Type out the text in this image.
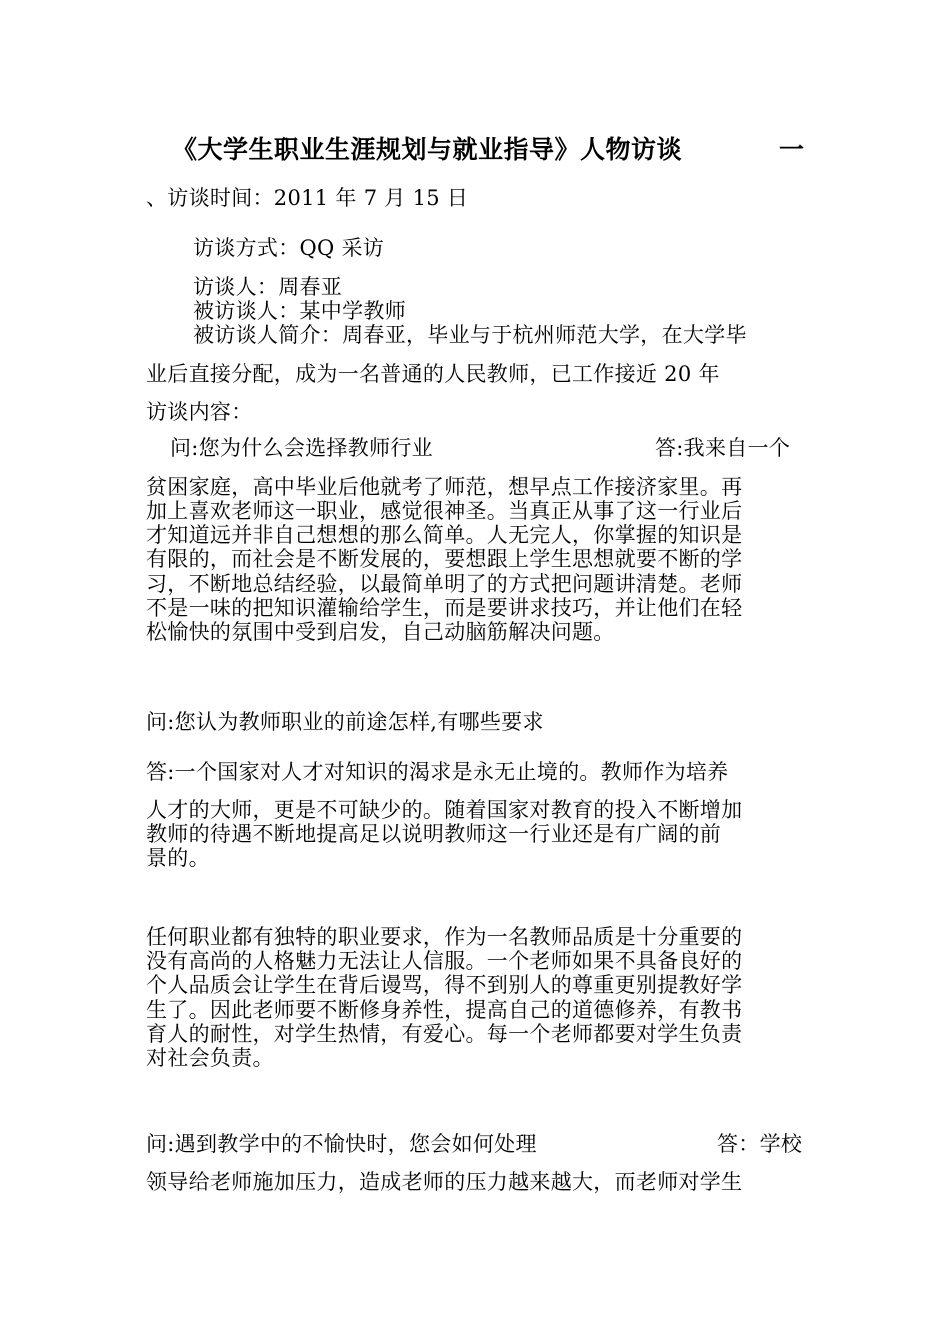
《大学生职业生涯规划与就业指导》人物访谈	一
、访谈时间：2011 年 7 月 15 日
访谈方式：QQ 采访
访谈人：周春亚
被访谈人：某中学教师
被访谈人简介：周春亚，毕业与于杭州师范大学，在大学毕
业后直接分配，成为一名普通的人民教师，已工作接近 20 年
访谈内容：
问:您为什么会选择教师行业	答:我来自一个
贫困家庭，高中毕业后他就考了师范，想早点工作接济家里。再
加上喜欢老师这一职业，感觉很神圣。当真正从事了这一行业后
才知道远并非自己想想的那么简单。人无完人，你掌握的知识是
有限的，而社会是不断发展的，要想跟上学生思想就要不断的学
习，不断地总结经验，以最简单明了的方式把问题讲清楚。老师
不是一味的把知识灌输给学生，而是要讲求技巧，并让他们在轻
松愉快的氛围中受到启发，自己动脑筋解决问题。
问:您认为教师职业的前途怎样,有哪些要求
答:一个国家对人才对知识的渴求是永无止境的。教师作为培养
人才的大师，更是不可缺少的。随着国家对教育的投入不断增加
教师的待遇不断地提高足以说明教师这一行业还是有广阔的前
景的。
任何职业都有独特的职业要求，作为一名教师品质是十分重要的
没有高尚的人格魅力无法让人信服。一个老师如果不具备良好的
个人品质会让学生在背后谩骂，得不到别人的尊重更别提教好学
生了。因此老师要不断修身养性，提高自己的道德修养，有教书
育人的耐性，对学生热情，有爱心。每一个老师都要对学生负责
对社会负责。
问:遇到教学中的不愉快时，您会如何处理	答：学校
领导给老师施加压力，造成老师的压力越来越大，而老师对学生
